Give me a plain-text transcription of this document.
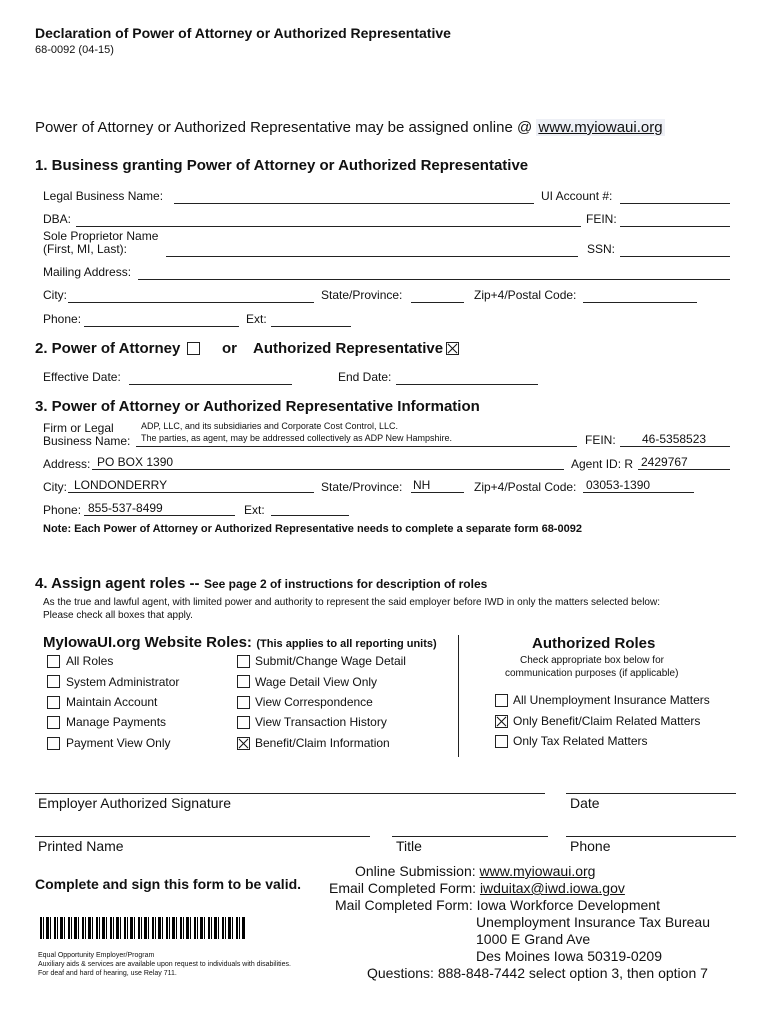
Declaration of Power of Attorney or Authorized Representative
68-0092 (04-15)
Power of Attorney or Authorized Representative may be assigned online @ www.myiowaui.org
1. Business granting Power of Attorney or Authorized Representative
Legal Business Name:	UI Account #:
DBA:	FEIN:
Sole Proprietor Name
(First, MI, Last):	SSN:
Mailing Address:
City:	State/Province:	Zip+4/Postal Code:
Phone:	Ext:
2. Power of Attorney	or Authorized Representative
Effective Date:	End Date:
3. Power of Attorney or Authorized Representative Information
Firm or Legal
Business Name:
ADP, LLC, and its subsidiaries and Corporate Cost Control, LLC.
The parties, as agent, may be addressed collectively as ADP New Hampshire.	FEIN: 46-5358523
Address: PO BOX 1390	Agent ID: R 2429767
City: LONDONDERRY	State/Province: NH	Zip+4/Postal Code: 03053-1390
Phone: 855-537-8499	Ext:
Note: Each Power of Attorney or Authorized Representative needs to complete a separate form 68-0092
4. Assign agent roles -- See page 2 of instructions for description of roles
As the true and lawful agent, with limited power and authority to represent the said employer before IWD in only the matters selected below:
Please check all boxes that apply.
MyIowaUI.org Website Roles: (This applies to all reporting units)
All Roles
System Administrator
Maintain Account
Manage Payments
Payment View Only
Submit/Change Wage Detail
Wage Detail View Only
View Correspondence
View Transaction History
Benefit/Claim Information
Authorized Roles
Check appropriate box below for
communication purposes (if applicable)
All Unemployment Insurance Matters
Only Benefit/Claim Related Matters
Only Tax Related Matters
Employer Authorized Signature	Date
Printed Name	Title	Phone
Complete and sign this form to be valid.
Online Submission: www.myiowaui.org
Email Completed Form: iwduitax@iwd.iowa.gov
Mail Completed Form: Iowa Workforce Development
Unemployment Insurance Tax Bureau
1000 E Grand Ave
Des Moines Iowa 50319-0209
Questions: 888-848-7442 select option 3, then option 7
Equal Opportunity Employer/Program
Auxiliary aids & services are available upon request to individuals with disabilities.
For deaf and hard of hearing, use Relay 711.
